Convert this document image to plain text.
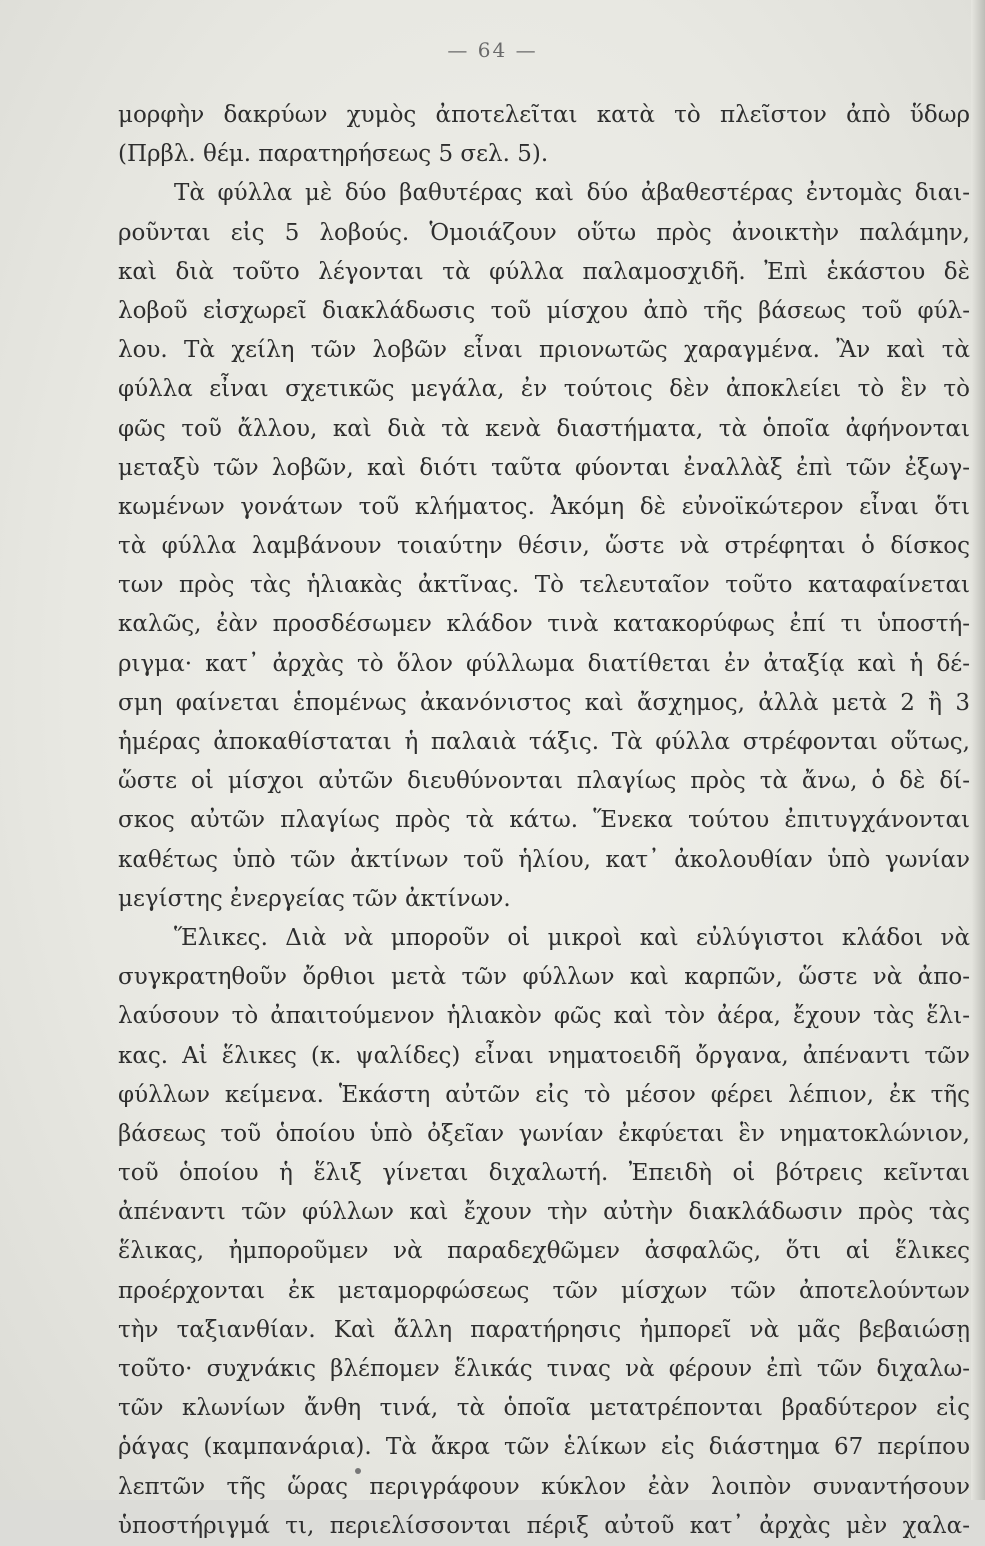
— 64 —
μορφὴν δακρύων χυμὸς ἀποτελεῖται κατὰ τὸ πλεῖστον ἀπὸ ὕδωρ
(Πρβλ. θέμ. παρατηρήσεως 5 σελ. 5).
Τὰ φύλλα μὲ δύο βαθυτέρας καὶ δύο ἀβαθεστέρας ἐντομὰς διαι-
ροῦνται εἰς 5 λοβούς. Ὁμοιάζουν οὕτω πρὸς ἀνοικτὴν παλάμην,
καὶ διὰ τοῦτο λέγονται τὰ φύλλα παλαμοσχιδῆ. Ἐπὶ ἑκάστου δὲ
λοβοῦ εἰσχωρεῖ διακλάδωσις τοῦ μίσχου ἀπὸ τῆς βάσεως τοῦ φύλ-
λου. Τὰ χείλη τῶν λοβῶν εἶναι πριονωτῶς χαραγμένα. Ἂν καὶ τὰ
φύλλα εἶναι σχετικῶς μεγάλα, ἐν τούτοις δὲν ἀποκλείει τὸ ἓν τὸ
φῶς τοῦ ἄλλου, καὶ διὰ τὰ κενὰ διαστήματα, τὰ ὁποῖα ἀφήνονται
μεταξὺ τῶν λοβῶν, καὶ διότι ταῦτα φύονται ἐναλλὰξ ἐπὶ τῶν ἐξωγ-
κωμένων γονάτων τοῦ κλήματος. Ἀκόμη δὲ εὐνοϊκώτερον εἶναι ὅτι
τὰ φύλλα λαμβάνουν τοιαύτην θέσιν, ὥστε νὰ στρέφηται ὁ δίσκος
των πρὸς τὰς ἡλιακὰς ἀκτῖνας. Τὸ τελευταῖον τοῦτο καταφαίνεται
καλῶς, ἐὰν προσδέσωμεν κλάδον τινὰ κατακορύφως ἐπί τι ὑποστή-
ριγμα· κατ᾽ ἀρχὰς τὸ ὅλον φύλλωμα διατίθεται ἐν ἀταξίᾳ καὶ ἡ δέ-
σμη φαίνεται ἑπομένως ἀκανόνιστος καὶ ἄσχημος, ἀλλὰ μετὰ 2 ἢ 3
ἡμέρας ἀποκαθίσταται ἡ παλαιὰ τάξις. Τὰ φύλλα στρέφονται οὕτως,
ὥστε οἱ μίσχοι αὐτῶν διευθύνονται πλαγίως πρὸς τὰ ἄνω, ὁ δὲ δί-
σκος αὐτῶν πλαγίως πρὸς τὰ κάτω. Ἕνεκα τούτου ἐπιτυγχάνονται
καθέτως ὑπὸ τῶν ἀκτίνων τοῦ ἡλίου, κατ᾽ ἀκολουθίαν ὑπὸ γωνίαν
μεγίστης ἐνεργείας τῶν ἀκτίνων.
Ἕλικες. Διὰ νὰ μποροῦν οἱ μικροὶ καὶ εὐλύγιστοι κλάδοι νὰ
συγκρατηθοῦν ὄρθιοι μετὰ τῶν φύλλων καὶ καρπῶν, ὥστε νὰ ἀπο-
λαύσουν τὸ ἀπαιτούμενον ἡλιακὸν φῶς καὶ τὸν ἀέρα, ἔχουν τὰς ἕλι-
κας. Αἱ ἕλικες (κ. ψαλίδες) εἶναι νηματοειδῆ ὄργανα, ἀπέναντι τῶν
φύλλων κείμενα. Ἑκάστη αὐτῶν εἰς τὸ μέσον φέρει λέπιον, ἐκ τῆς
βάσεως τοῦ ὁποίου ὑπὸ ὀξεῖαν γωνίαν ἐκφύεται ἓν νηματοκλώνιον,
τοῦ ὁποίου ἡ ἕλιξ γίνεται διχαλωτή. Ἐπειδὴ οἱ βότρεις κεῖνται
ἀπέναντι τῶν φύλλων καὶ ἔχουν τὴν αὐτὴν διακλάδωσιν πρὸς τὰς
ἕλικας, ἠμποροῦμεν νὰ παραδεχθῶμεν ἀσφαλῶς, ὅτι αἱ ἕλικες
προέρχονται ἐκ μεταμορφώσεως τῶν μίσχων τῶν ἀποτελούντων
τὴν ταξιανθίαν. Καὶ ἄλλη παρατήρησις ἠμπορεῖ νὰ μᾶς βεβαιώσῃ
τοῦτο· συχνάκις βλέπομεν ἕλικάς τινας νὰ φέρουν ἐπὶ τῶν διχαλω-
τῶν κλωνίων ἄνθη τινά, τὰ ὁποῖα μετατρέπονται βραδύτερον εἰς
ῥάγας (καμπανάρια). Τὰ ἄκρα τῶν ἑλίκων εἰς διάστημα 67 περίπου
λεπτῶν τῆς ὥρας περιγράφουν κύκλον ἐὰν λοιπὸν συναντήσουν
ὑποστήριγμά τι, περιελίσσονται πέριξ αὐτοῦ κατ᾽ ἀρχὰς μὲν χαλα-
